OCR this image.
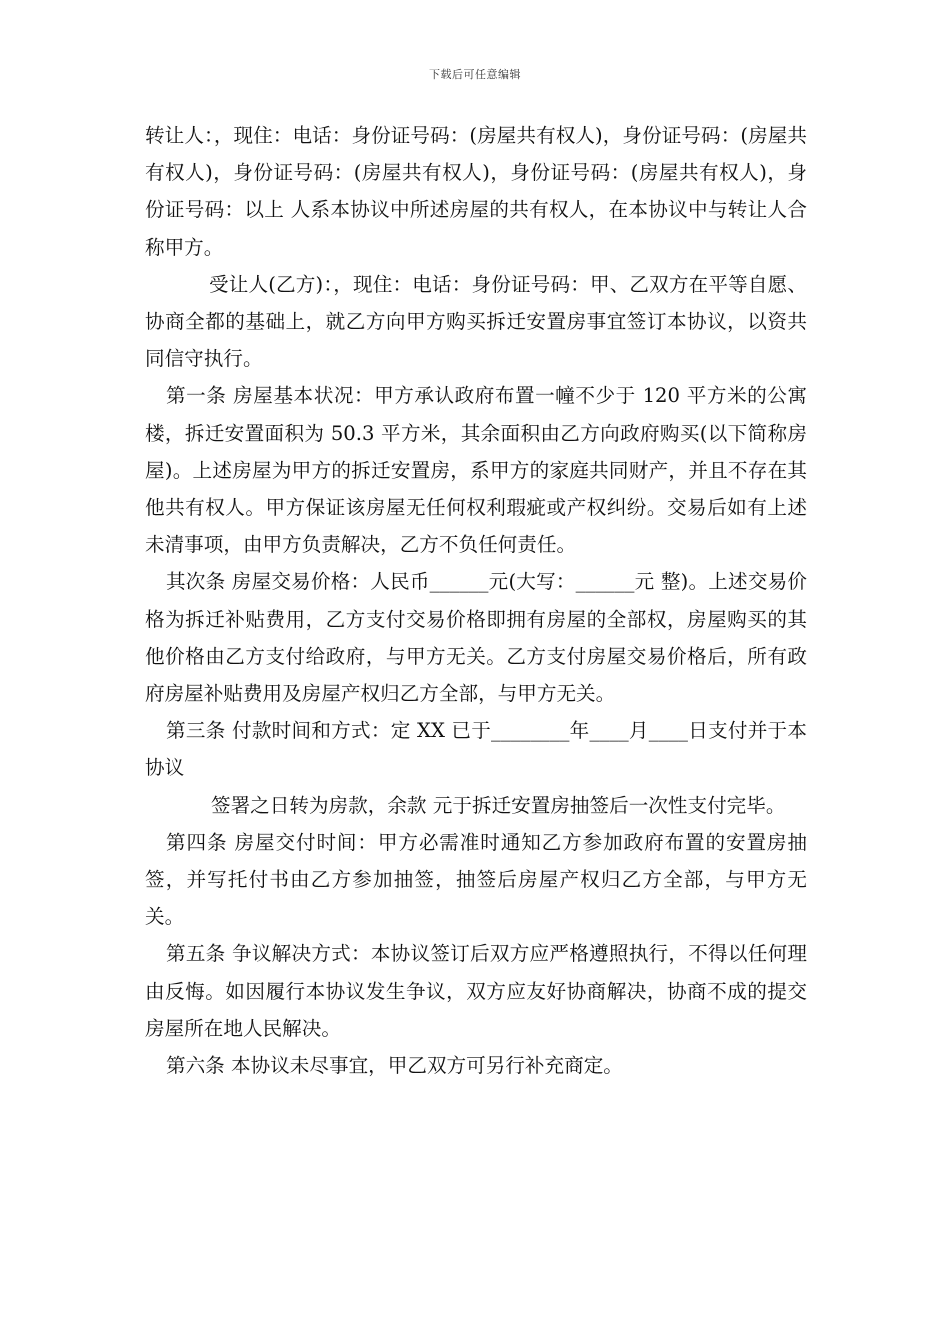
下载后可任意编辑

转让人：，现住：电话：身份证号码：(房屋共有权人)，身份证号码：(房屋共有权人)，身份证号码：(房屋共有权人)，身份证号码：(房屋共有权人)，身份证号码：以上 人系本协议中所述房屋的共有权人，在本协议中与转让人合称甲方。

受让人(乙方)：，现住：电话：身份证号码：甲、乙双方在平等自愿、协商全都的基础上，就乙方向甲方购买拆迁安置房事宜签订本协议，以资共同信守执行。

第一条 房屋基本状况：甲方承认政府布置一幢不少于 120 平方米的公寓楼，拆迁安置面积为 50.3 平方米，其余面积由乙方向政府购买(以下简称房屋)。上述房屋为甲方的拆迁安置房，系甲方的家庭共同财产，并且不存在其他共有权人。甲方保证该房屋无任何权利瑕疵或产权纠纷。交易后如有上述未清事项，由甲方负责解决，乙方不负任何责任。

其次条 房屋交易价格：人民币______元(大写：______元 整)。上述交易价格为拆迁补贴费用，乙方支付交易价格即拥有房屋的全部权，房屋购买的其他价格由乙方支付给政府，与甲方无关。乙方支付房屋交易价格后，所有政府房屋补贴费用及房屋产权归乙方全部，与甲方无关。

第三条 付款时间和方式：定 XX 已于________年____月____日支付并于本协议

签署之日转为房款，余款 元于拆迁安置房抽签后一次性支付完毕。

第四条 房屋交付时间：甲方必需准时通知乙方参加政府布置的安置房抽签，并写托付书由乙方参加抽签，抽签后房屋产权归乙方全部，与甲方无关。

第五条 争议解决方式：本协议签订后双方应严格遵照执行，不得以任何理由反悔。如因履行本协议发生争议，双方应友好协商解决，协商不成的提交房屋所在地人民解决。

第六条 本协议未尽事宜，甲乙双方可另行补充商定。
